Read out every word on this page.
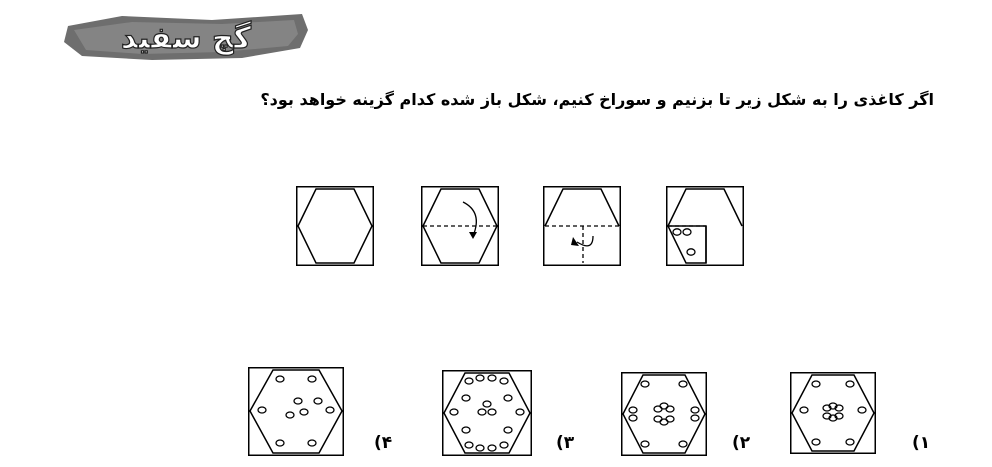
گچ سفید
اگر کاغذی را به شکل زیر تا بزنیم و سوراخ کنیم، شکل باز شده کدام گزینه خواهد بود؟
۱)
۲)
۳)
۴)
